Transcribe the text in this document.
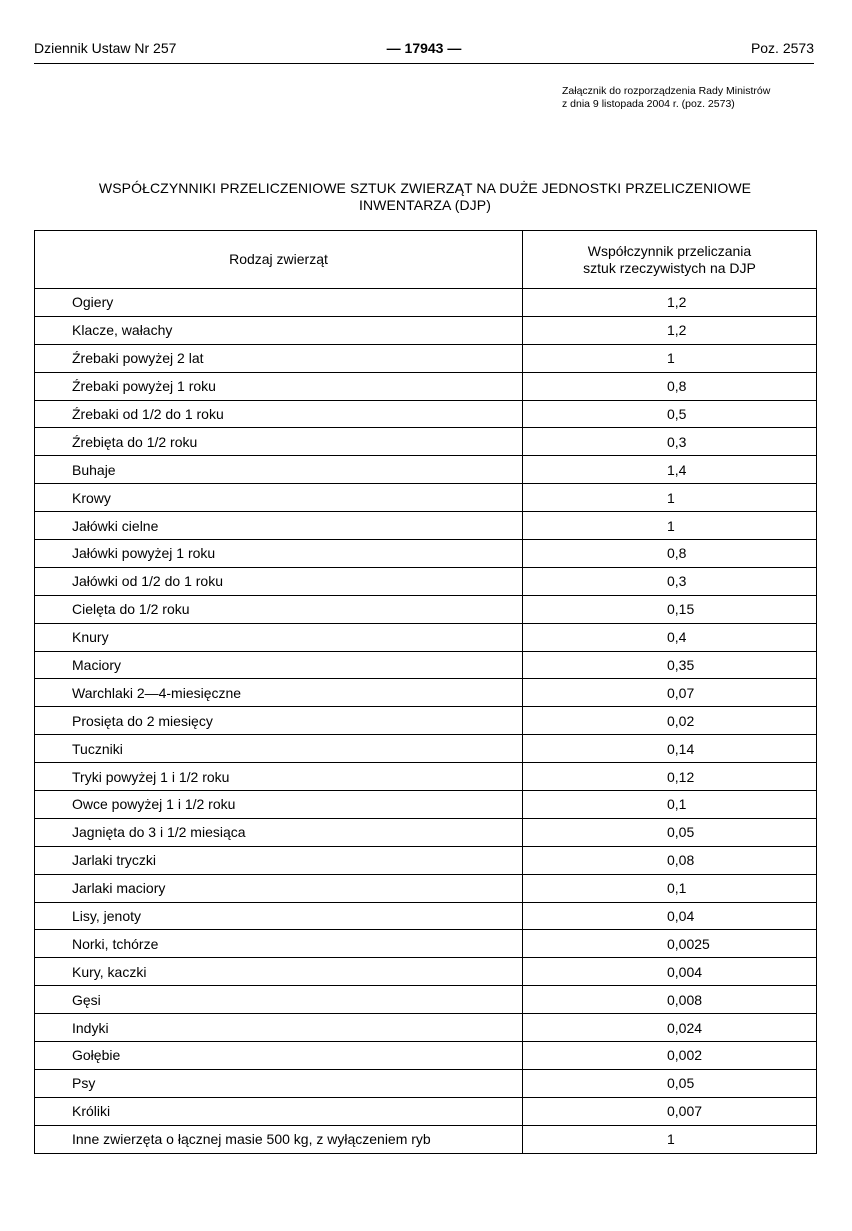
Dziennik Ustaw Nr 257	— 17943 —	Poz. 2573
Załącznik do rozporządzenia Rady Ministrów
z dnia 9 listopada 2004 r. (poz. 2573)
WSPÓŁCZYNNIKI PRZELICZENIOWE SZTUK ZWIERZĄT NA DUŻE JEDNOSTKI PRZELICZENIOWE
INWENTARZA (DJP)
Rodzaj zwierząt	Współczynnik przeliczania
sztuk rzeczywistych na DJP

Ogiery	1,2
Klacze, wałachy	1,2
Źrebaki powyżej 2 lat	1
Źrebaki powyżej 1 roku	0,8
Źrebaki od 1/2 do 1 roku	0,5
Źrebięta do 1/2 roku	0,3
Buhaje	1,4
Krowy	1
Jałówki cielne	1
Jałówki powyżej 1 roku	0,8
Jałówki od 1/2 do 1 roku	0,3
Cielęta do 1/2 roku	0,15
Knury	0,4
Maciory	0,35
Warchlaki 2—4-miesięczne	0,07
Prosięta do 2 miesięcy	0,02
Tuczniki	0,14
Tryki powyżej 1 i 1/2 roku	0,12
Owce powyżej 1 i 1/2 roku	0,1
Jagnięta do 3 i 1/2 miesiąca	0,05
Jarlaki tryczki	0,08
Jarlaki maciory	0,1
Lisy, jenoty	0,04
Norki, tchórze	0,0025
Kury, kaczki	0,004
Gęsi	0,008
Indyki	0,024
Gołębie	0,002
Psy	0,05
Króliki	0,007
Inne zwierzęta o łącznej masie 500 kg, z wyłączeniem ryb	1
